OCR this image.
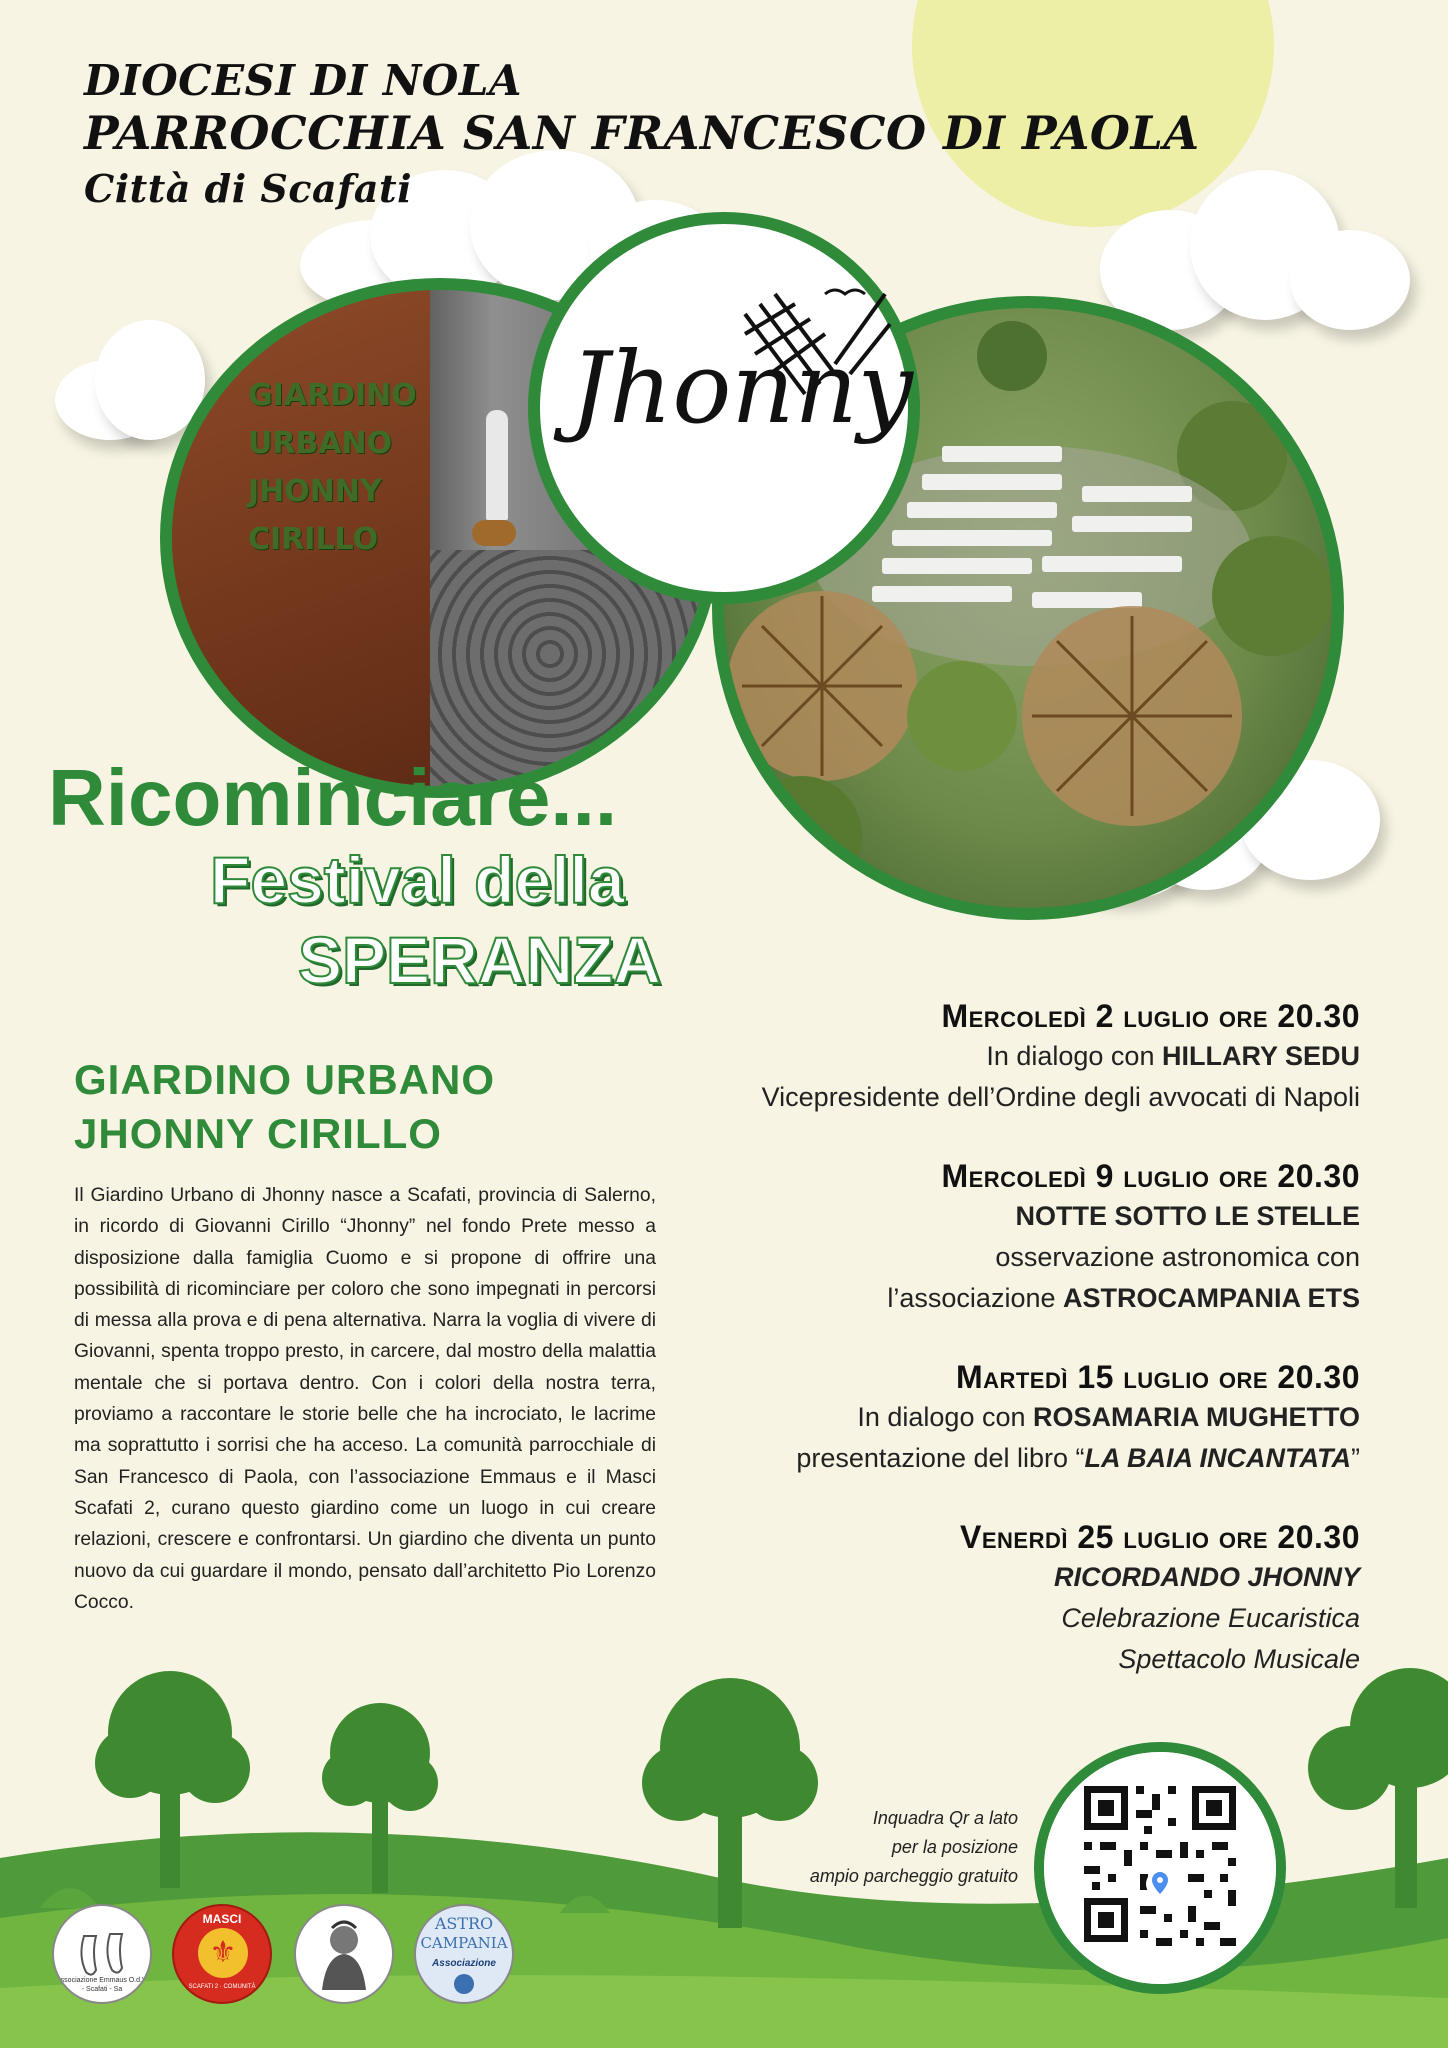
DIOCESI DI NOLA
PARROCCHIA SAN FRANCESCO DI PAOLA
Città di Scafati
GIARDINO
URBANO
JHONNY
CIRILLO
Jhonny
Ricominciare...
Festival della
SPERANZA
GIARDINO URBANO
JHONNY CIRILLO
Il Giardino Urbano di Jhonny nasce a Scafati, provincia di Salerno, in ricordo di Giovanni Cirillo “Jhonny” nel fondo Prete messo a disposizione dalla famiglia Cuomo e si propone di offrire una possibilità di ricominciare per coloro che sono impegnati in percorsi di messa alla prova e di pena alternativa. Narra la voglia di vivere di Giovanni, spenta troppo presto, in carcere, dal mostro della malattia mentale che si portava dentro. Con i colori della nostra terra, proviamo a raccontare le storie belle che ha incrociato, le lacrime ma soprattutto i sorrisi che ha acceso. La comunità parrocchiale di San Francesco di Paola, con l’associazione Emmaus e il Masci Scafati 2, curano questo giardino come un luogo in cui creare relazioni, crescere e confrontarsi. Un giardino che diventa un punto nuovo da cui guardare il mondo, pensato dall’architetto Pio Lorenzo Cocco.
Mercoledì 2 luglio ore 20.30
In dialogo con HILLARY SEDU
Vicepresidente dell’Ordine degli avvocati di Napoli
Mercoledì 9 luglio ore 20.30
NOTTE SOTTO LE STELLE
osservazione astronomica con
l’associazione ASTROCAMPANIA ETS
Martedì 15 luglio ore 20.30
In dialogo con ROSAMARIA MUGHETTO
presentazione del libro “LA BAIA INCANTATA”
Venerdì 25 luglio ore 20.30
RICORDANDO JHONNY
Celebrazione Eucaristica
Spettacolo Musicale
Inquadra Qr a lato
per la posizione
ampio parcheggio gratuito
Associazione Emmaus O.d.V. - Scafati - Sa
MASCI
⚜
SCAFATI 2 · COMUNITÀ
ASTRO
CAMPANIA
Associazione
